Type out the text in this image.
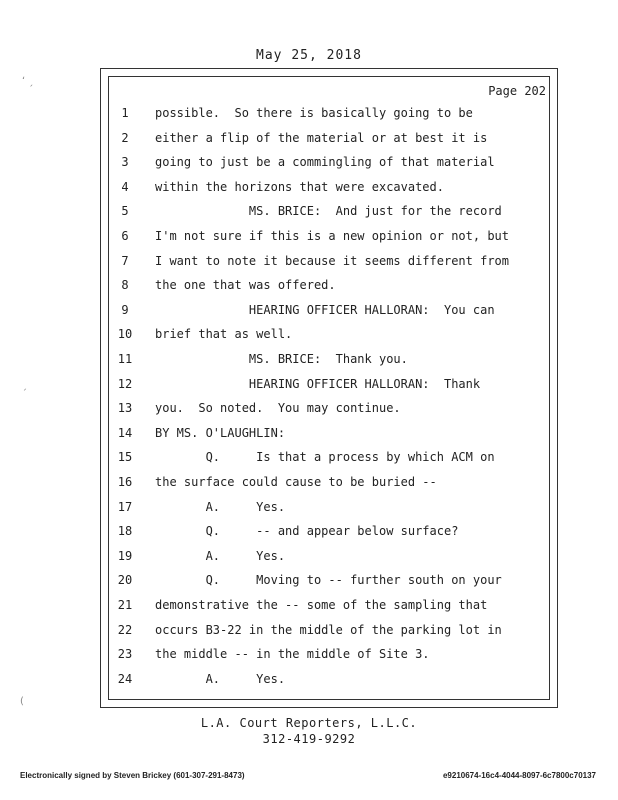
May 25, 2018
Page 202
1	possible.  So there is basically going to be
2	either a flip of the material or at best it is
3	going to just be a commingling of that material
4	within the horizons that were excavated.
5	MS. BRICE:  And just for the record
6	I'm not sure if this is a new opinion or not, but
7	I want to note it because it seems different from
8	the one that was offered.
9	HEARING OFFICER HALLORAN:  You can
10	brief that as well.
11	MS. BRICE:  Thank you.
12	HEARING OFFICER HALLORAN:  Thank
13	you.  So noted.  You may continue.
14	BY MS. O'LAUGHLIN:
15	Q.     Is that a process by which ACM on
16	the surface could cause to be buried --
17	A.     Yes.
18	Q.     -- and appear below surface?
19	A.     Yes.
20	Q.     Moving to -- further south on your
21	demonstrative the -- some of the sampling that
22	occurs B3-22 in the middle of the parking lot in
23	the middle -- in the middle of Site 3.
24	A.     Yes.
L.A. Court Reporters, L.L.C.
312-419-9292
Electronically signed by Steven Brickey (601-307-291-8473)	e9210674-16c4-4044-8097-6c7800c70137
ʻ ˏ
ˏ
(
